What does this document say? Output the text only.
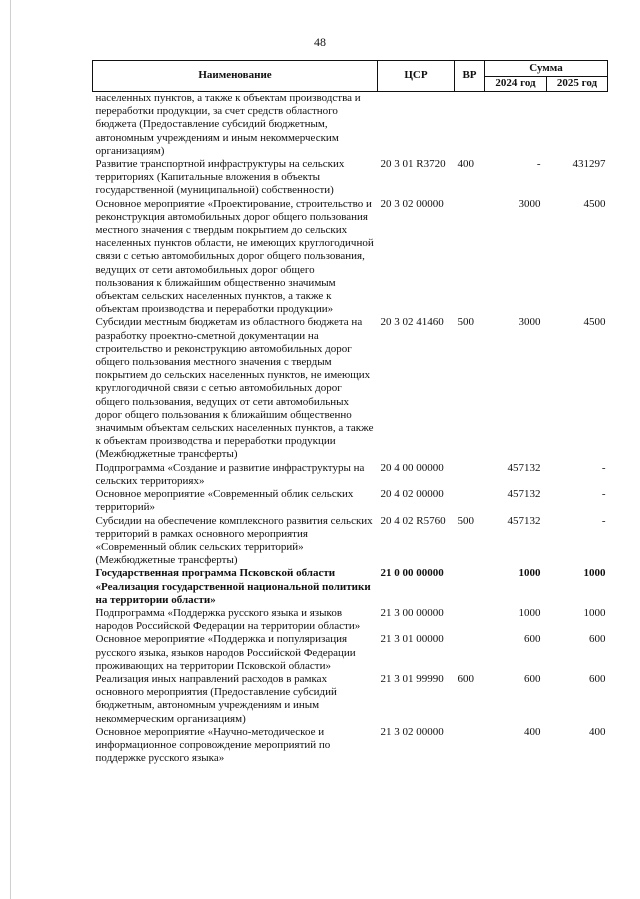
48
Наименование	ЦСР	ВР	Сумма	
			2024 год	2025 год
населенных пунктов, а также к объектам производства и переработки продукции, за счет средств областного бюджета (Предоставление субсидий бюджетным, автономным учреждениям и иным некоммерческим организациям)				
Развитие транспортной инфраструктуры на сельских территориях (Капитальные вложения в объекты государственной (муниципальной) собственности)	20 3 01 R3720	400	-	431297
Основное мероприятие «Проектирование, строительство и реконструкция автомобильных дорог общего пользования местного значения с твердым покрытием до сельских населенных пунктов области, не имеющих круглогодичной связи с сетью автомобильных дорог общего пользования, ведущих от сети автомобильных дорог общего пользования к ближайшим общественно значимым объектам сельских населенных пунктов, а также к объектам производства и переработки продукции»	20 3 02 00000		3000	4500
Субсидии местным бюджетам из областного бюджета на разработку проектно-сметной документации на строительство и реконструкцию автомобильных дорог общего пользования местного значения с твердым покрытием до сельских населенных пунктов, не имеющих круглогодичной связи с сетью автомобильных дорог общего пользования, ведущих от сети автомобильных дорог общего пользования к ближайшим общественно значимым объектам сельских населенных пунктов, а также к объектам производства и переработки продукции (Межбюджетные трансферты)	20 3 02 41460	500	3000	4500
Подпрограмма «Создание и развитие инфраструктуры на сельских территориях»	20 4 00 00000		457132	-
Основное мероприятие «Современный облик сельских территорий»	20 4 02 00000		457132	-
Субсидии на обеспечение комплексного развития сельских территорий в рамках основного мероприятия «Современный облик сельских территорий» (Межбюджетные трансферты)	20 4 02 R5760	500	457132	-
Государственная программа Псковской области «Реализация государственной национальной политики на территории области»	21 0 00 00000		1000	1000
Подпрограмма «Поддержка русского языка и языков народов Российской Федерации на территории области»	21 3 00 00000		1000	1000
Основное мероприятие «Поддержка и популяризация русского языка, языков народов Российской Федерации проживающих на территории Псковской области»	21 3 01 00000		600	600
Реализация иных направлений расходов в рамках основного мероприятия (Предоставление субсидий бюджетным, автономным учреждениям и иным некоммерческим организациям)	21 3 01 99990	600	600	600
Основное мероприятие «Научно-методическое и информационное сопровождение мероприятий по поддержке русского языка»	21 3 02 00000		400	400
